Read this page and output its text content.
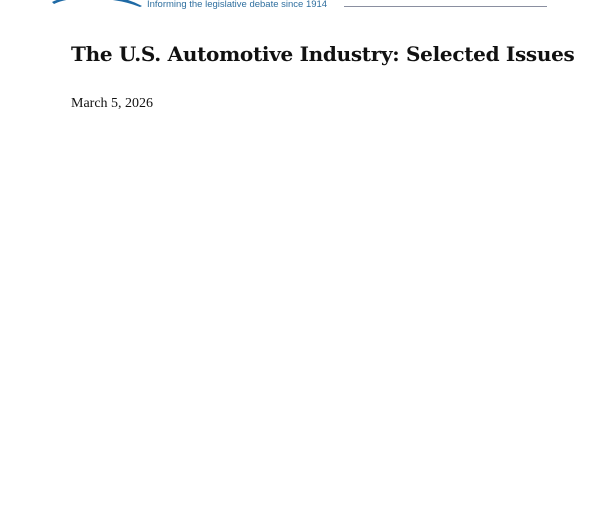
Informing the legislative debate since 1914
The U.S. Automotive Industry: Selected Issues
March 5, 2026
